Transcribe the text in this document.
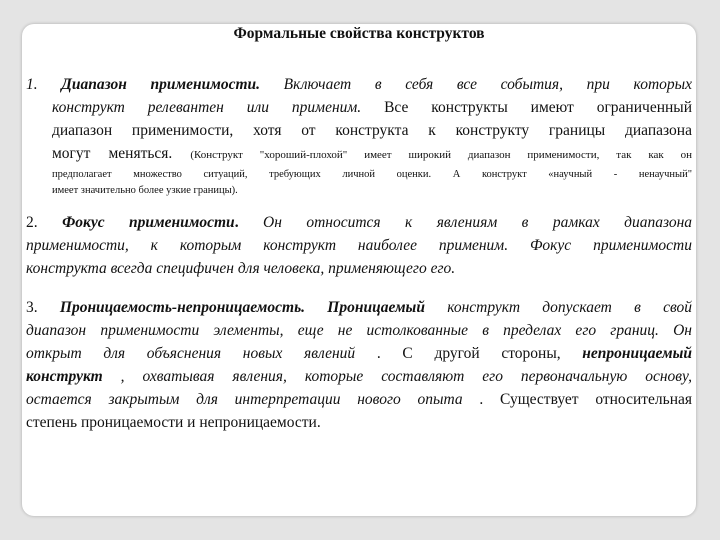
Формальные свойства конструктов
1. Диапазон применимости. Включает в себя все события, при которых
конструкт релевантен или применим. Все конструкты имеют ограниченный
диапазон применимости, хотя от конструкта к конструкту границы диапазона
могут меняться. (Конструкт "хороший-плохой" имеет широкий диапазон применимости, так как он
предполагает множество ситуаций, требующих личной оценки. А конструкт «научный - ненаучный"
имеет значительно более узкие границы).
2. Фокус применимости. Он относится к явлениям в рамках диапазона
применимости, к которым конструкт наиболее применим. Фокус применимости
конструкта всегда специфичен для человека, применяющего его.
3. Проницаемость-непроницаемость. Проницаемый конструкт допускает в свой
диапазон применимости элементы, еще не истолкованные в пределах его границ. Он
открыт для объяснения новых явлений . С другой стороны, непроницаемый
конструкт , охватывая явления, которые составляют его первоначальную основу,
остается закрытым для интерпретации нового опыта . Существует относительная
степень проницаемости и непроницаемости.
